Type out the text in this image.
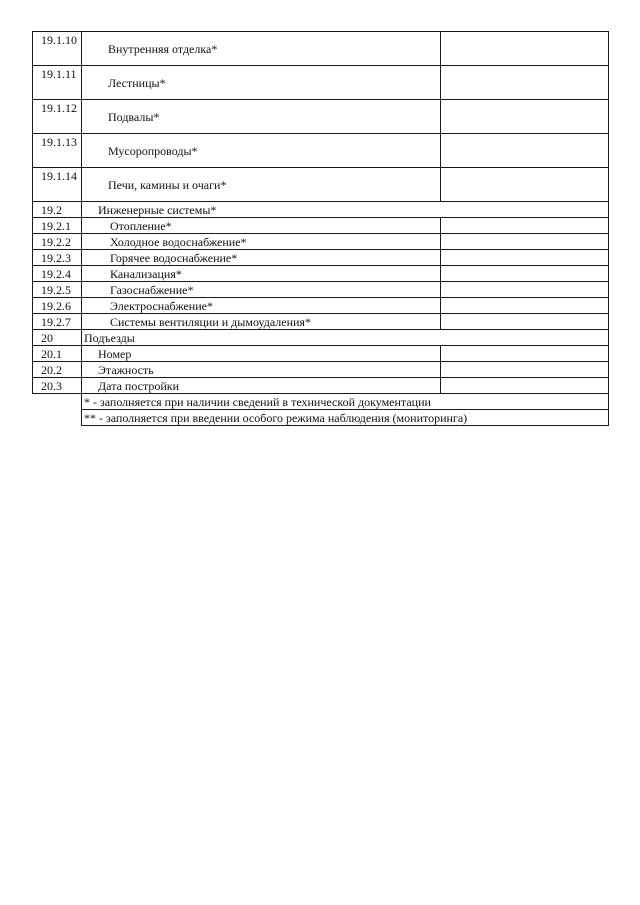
19.1.10	Внутренняя отделка*	
19.1.11	Лестницы*	
19.1.12	Подвалы*	
19.1.13	Мусоропроводы*	
19.1.14	Печи, камины и очаги*	
19.2	Инженерные системы*	
19.2.1	Отопление*	
19.2.2	Холодное водоснабжение*	
19.2.3	Горячее водоснабжение*	
19.2.4	Канализация*	
19.2.5	Газоснабжение*	
19.2.6	Электроснабжение*	
19.2.7	Системы вентиляции и дымоудаления*	
20	Подъезды	
20.1	Номер	
20.2	Этажность	
20.3	Дата постройки	
	* - заполняется при наличии сведений в технической документации	
	** - заполняется при введении особого режима наблюдения (мониторинга)	
